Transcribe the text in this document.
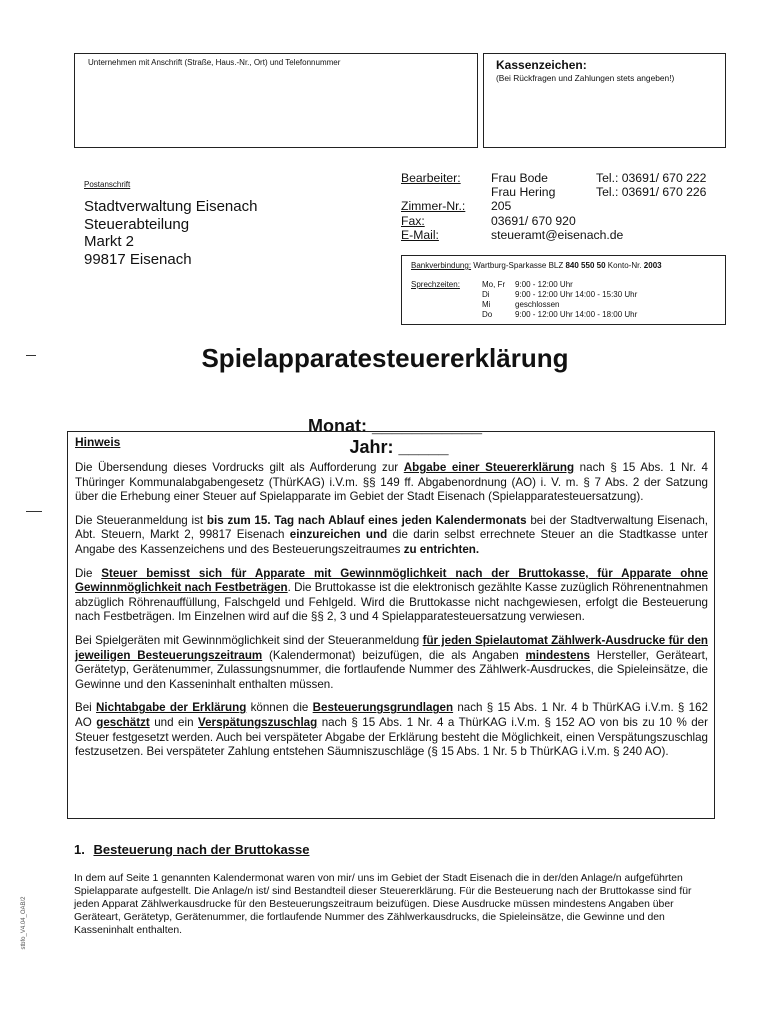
Unternehmen mit Anschrift (Straße, Haus.-Nr., Ort) und Telefonnummer	Kassenzeichen:
(Bei Rückfragen und Zahlungen stets angeben!)
Postanschrift
Stadtverwaltung Eisenach
Steuerabteilung
Markt 2
99817 Eisenach
Bearbeiter:	Frau Bode	Tel.: 03691/ 670 222
	Frau Hering	Tel.: 03691/ 670 226
Zimmer-Nr.:	205	
Fax:	03691/ 670 920	
E-Mail:	steueramt@eisenach.de	
Bankverbindung: Wartburg-Sparkasse BLZ 840 550 50 Konto-Nr. 2003
Sprechzeiten:	Mo, Fr	9:00 - 12:00 Uhr
Di	9:00 - 12:00 Uhr 14:00 - 15:30 Uhr
Mi	geschlossen
Do	9:00 - 12:00 Uhr 14:00 - 18:00 Uhr
Spielapparatesteuererklärung

Monat: ___________
Jahr: _____

Hinweis

Die Übersendung dieses Vordrucks gilt als Aufforderung zur Abgabe einer Steuererklärung nach § 15 Abs. 1 Nr. 4 Thüringer Kommunalabgabengesetz (ThürKAG) i.V.m. §§ 149 ff. Abgabenordnung (AO) i. V. m. § 7 Abs. 2 der Satzung über die Erhebung einer Steuer auf Spielapparate im Gebiet der Stadt Eisenach (Spielapparatesteuersatzung).

Die Steueranmeldung ist bis zum 15. Tag nach Ablauf eines jeden Kalendermonats bei der Stadtverwaltung Eisenach, Abt. Steuern, Markt 2, 99817 Eisenach einzureichen und die darin selbst errechnete Steuer an die Stadtkasse unter Angabe des Kassenzeichens und des Besteuerungszeitraumes zu entrichten.

Die Steuer bemisst sich für Apparate mit Gewinnmöglichkeit nach der Bruttokasse, für Apparate ohne Gewinnmöglichkeit nach Festbeträgen. Die Bruttokasse ist die elektronisch gezählte Kasse zuzüglich Röhrenentnahmen abzüglich Röhrenauffüllung, Falschgeld und Fehlgeld. Wird die Bruttokasse nicht nachgewiesen, erfolgt die Besteuerung nach Festbeträgen. Im Einzelnen wird auf die §§ 2, 3 und 4 Spielapparatesteuersatzung verwiesen.

Bei Spielgeräten mit Gewinnmöglichkeit sind der Steueranmeldung für jeden Spielautomat Zählwerk-Ausdrucke für den jeweiligen Besteuerungszeitraum (Kalendermonat) beizufügen, die als Angaben mindestens Hersteller, Geräteart, Gerätetyp, Gerätenummer, Zulassungsnummer, die fortlaufende Nummer des Zählwerk-Ausdruckes, die Spieleinsätze, die Gewinne und den Kasseninhalt enthalten müssen.

Bei Nichtabgabe der Erklärung können die Besteuerungsgrundlagen nach § 15 Abs. 1 Nr. 4 b ThürKAG i.V.m. § 162 AO geschätzt und ein Verspätungszuschlag nach § 15 Abs. 1 Nr. 4 a ThürKAG i.V.m. § 152 AO von bis zu 10 % der Steuer festgesetzt werden. Auch bei verspäteter Abgabe der Erklärung besteht die Möglichkeit, einen Verspätungszuschlag festzusetzen. Bei verspäteter Zahlung entstehen Säumniszuschläge (§ 15 Abs. 1 Nr. 5 b ThürKAG i.V.m. § 240 AO).

1. Besteuerung nach der Bruttokasse
In dem auf Seite 1 genannten Kalendermonat waren von mir/ uns im Gebiet der Stadt Eisenach die in der/den Anlage/n aufgeführten Spielapparate aufgestellt. Die Anlage/n ist/ sind Bestandteil dieser Steuererklärung. Für die Besteuerung nach der Bruttokasse sind für jeden Apparat Zählwerkausdrucke für den Besteuerungszeitraum beizufügen. Diese Ausdrucke müssen mindestens Angaben über Geräteart, Gerätetyp, Gerätenummer, die fortlaufende Nummer des Zählwerkausdrucks, die Spieleinsätze, die Gewinne und den Kasseninhalt enthalten.
stbfo_V4.04_OAB/2
